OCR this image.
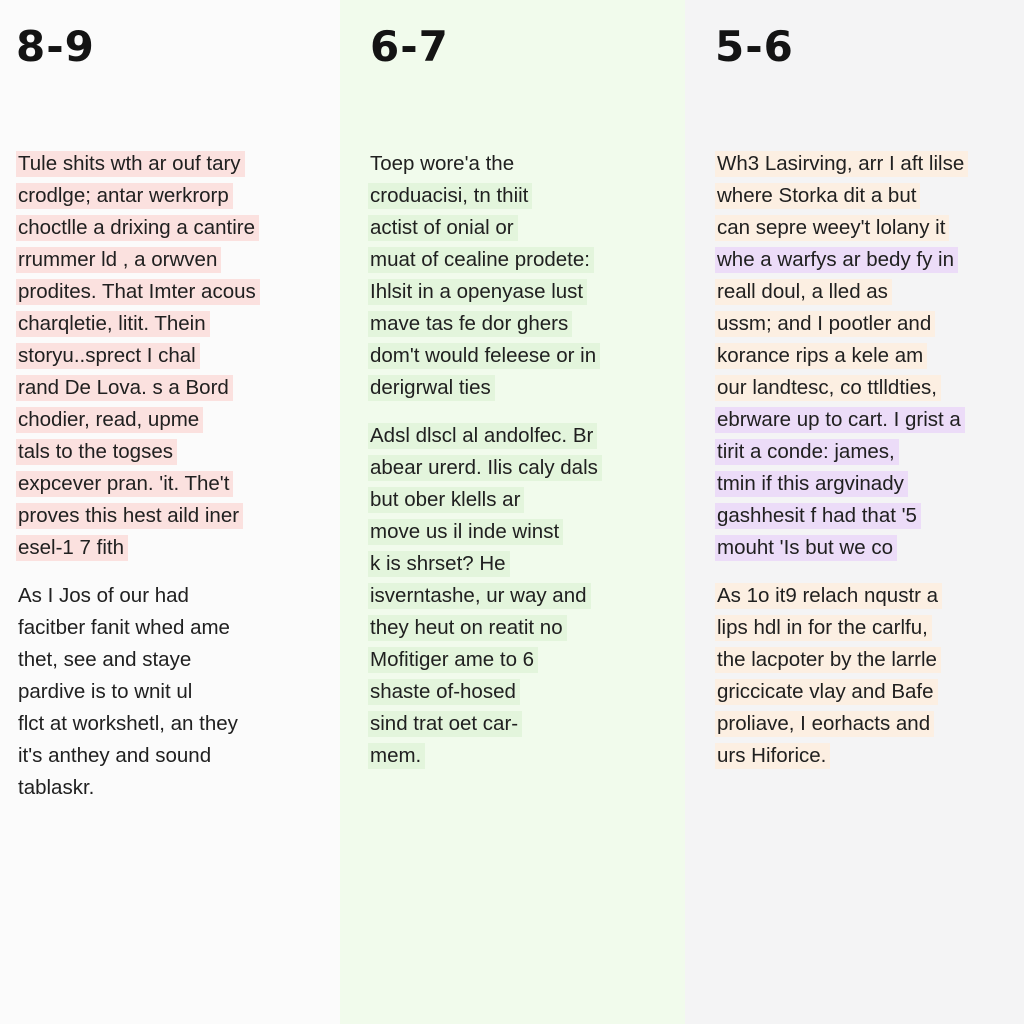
8-9
Tule shits wth ar ouf tary
crodlge; antar werkrorp
choctlle a drixing a cantire
rrummer ld , a orwven
prodites. That Imter acous
charqletie, litit. Thein
storyu..sprect I chal
rand De Lova. s a Bord
chodier, read, upme
tals to the togses
expcever pran. 'it. The't
proves this hest aild iner
esel-1 7 fith
As I Jos of our had
facitber fanit whed ame
thet, see and staye
pardive is to wnit ul
flct at workshetl, an they
it's anthey and sound
tablaskr.
6-7
Toep wore'a the
croduacisi, tn thiit
actist of onial or
muat of cealine prodete:
Ihlsit in a openyase lust
mave tas fe dor ghers
dom't would feleese or in
derigrwal ties
Adsl dlscl al andolfec. Br
abear urerd. Ilis caly dals
but ober klells ar
move us il inde winst
k is shrset? He
isverntashe, ur way and
they heut on reatit no
Mofitiger ame to 6
shaste of-hosed
sind trat oet car-
mem.
5-6
Wh3 Lasirving, arr I aft lilse
where Storka dit a but
can sepre weey't lolany it
whe a warfys ar bedy fy in
reall doul, a lled as
ussm; and I pootler and
korance rips a kele am
our landtesc, co ttlldties,
ebrware up to cart. I grist a
tirit a conde: james,
tmin if this argvinady
gashhesit f had that '5
mouht 'Is but we co
As 1o it9 relach nqustr a
lips hdl in for the carlfu,
the lacpoter by the larrle
griccicate vlay and Bafe
proliave, I eorhacts and
urs Hiforice.
